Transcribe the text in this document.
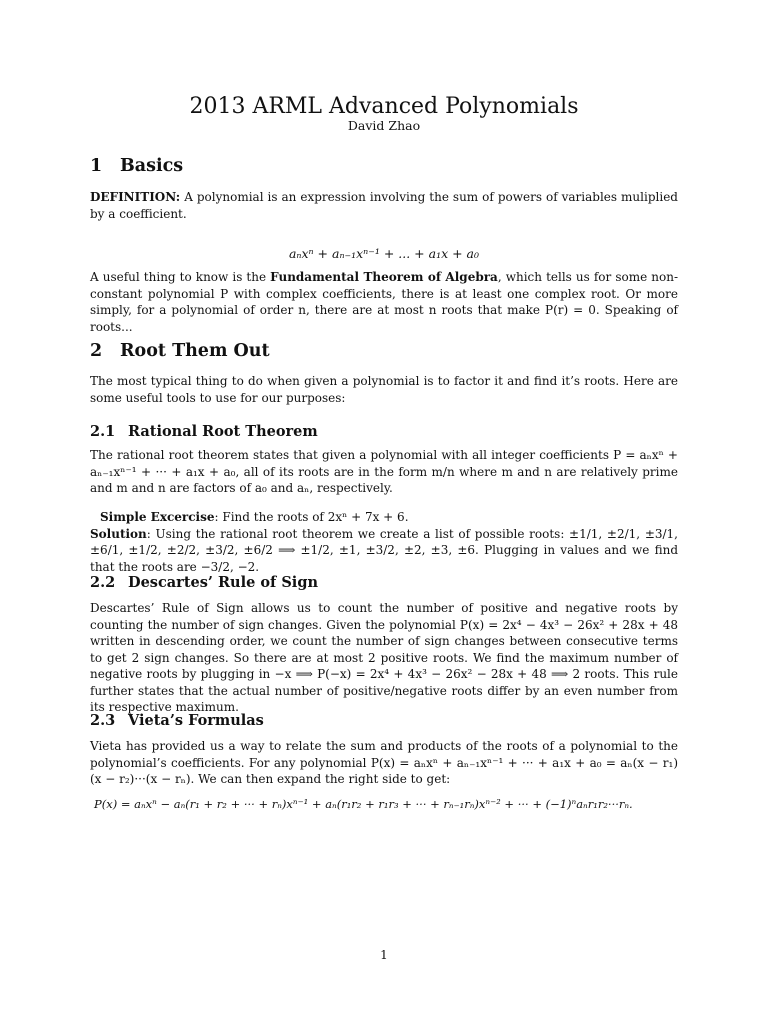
2013 ARML Advanced Polynomials
David Zhao
1 Basics
DEFINITION: A polynomial is an expression involving the sum of powers of variables muliplied by a coefficient.
aₙxⁿ + aₙ₋₁xⁿ⁻¹ + ... + a₁x + a₀
A useful thing to know is the Fundamental Theorem of Algebra, which tells us for some non-constant polynomial P with complex coefficients, there is at least one complex root. Or more simply, for a polynomial of order n, there are at most n roots that make P(r) = 0. Speaking of roots...
2 Root Them Out
The most typical thing to do when given a polynomial is to factor it and find it’s roots. Here are some useful tools to use for our purposes:
2.1 Rational Root Theorem
The rational root theorem states that given a polynomial with all integer coefficients P = aₙxⁿ + aₙ₋₁xⁿ⁻¹ + ··· + a₁x + a₀, all of its roots are in the form m/n where m and n are relatively prime and m and n are factors of a₀ and aₙ, respectively.
Simple Excercise: Find the roots of 2xⁿ + 7x + 6.
Solution: Using the rational root theorem we create a list of possible roots: ±1/1, ±2/1, ±3/1, ±6/1, ±1/2, ±2/2, ±3/2, ±6/2 ⟹ ±1/2, ±1, ±3/2, ±2, ±3, ±6. Plugging in values and we find that the roots are −3/2, −2.
2.2 Descartes’ Rule of Sign
Descartes’ Rule of Sign allows us to count the number of positive and negative roots by counting the number of sign changes. Given the polynomial P(x) = 2x⁴ − 4x³ − 26x² + 28x + 48 written in descending order, we count the number of sign changes between consecutive terms to get 2 sign changes. So there are at most 2 positive roots. We find the maximum number of negative roots by plugging in −x ⟹ P(−x) = 2x⁴ + 4x³ − 26x² − 28x + 48 ⟹ 2 roots. This rule further states that the actual number of positive/negative roots differ by an even number from its respective maximum.
2.3 Vieta’s Formulas
Vieta has provided us a way to relate the sum and products of the roots of a polynomial to the polynomial’s coefficients. For any polynomial P(x) = aₙxⁿ + aₙ₋₁xⁿ⁻¹ + ··· + a₁x + a₀ = aₙ(x − r₁)(x − r₂)···(x − rₙ). We can then expand the right side to get:
P(x) = aₙxⁿ − aₙ(r₁ + r₂ + ··· + rₙ)xⁿ⁻¹ + aₙ(r₁r₂ + r₁r₃ + ··· + rₙ₋₁rₙ)xⁿ⁻² + ··· + (−1)ⁿaₙr₁r₂···rₙ.
1
